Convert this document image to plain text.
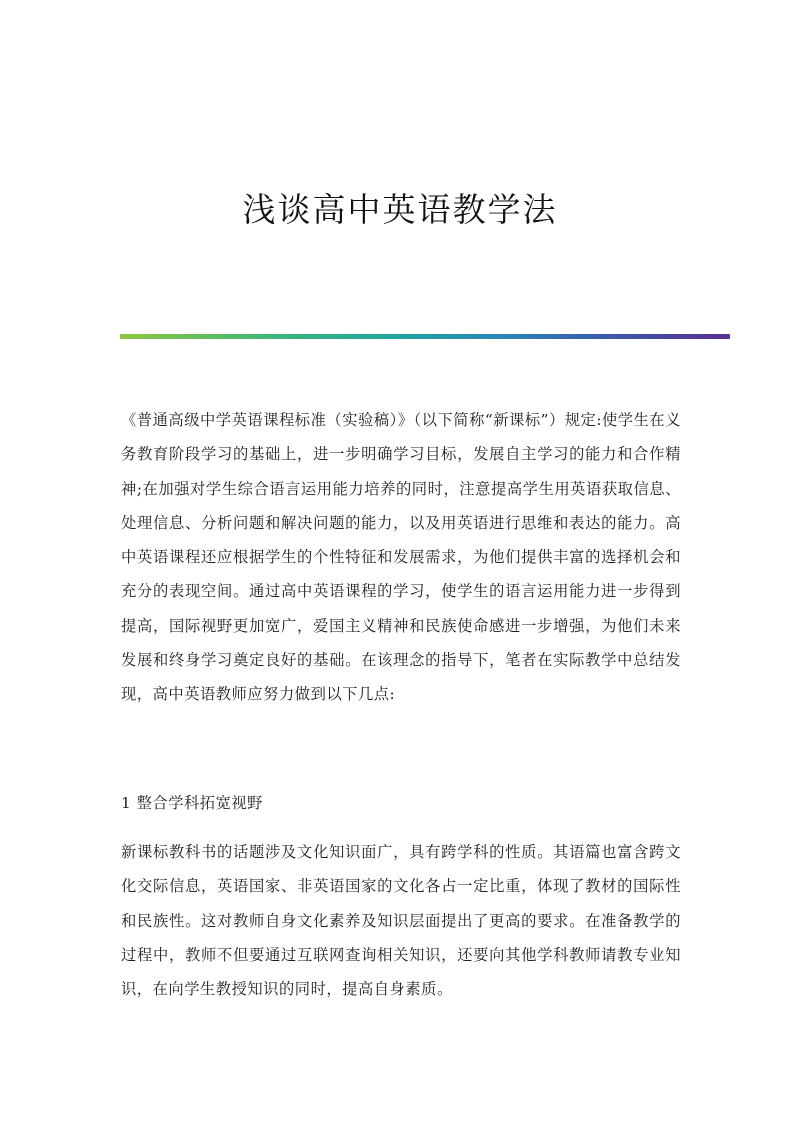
浅谈高中英语教学法

《普通高级中学英语课程标准（实验稿）》（以下简称“新课标”）规定:使学生在义务教育阶段学习的基础上，进一步明确学习目标，发展自主学习的能力和合作精神;在加强对学生综合语言运用能力培养的同时，注意提高学生用英语获取信息、处理信息、分析问题和解决问题的能力，以及用英语进行思维和表达的能力。高中英语课程还应根据学生的个性特征和发展需求，为他们提供丰富的选择机会和充分的表现空间。通过高中英语课程的学习，使学生的语言运用能力进一步得到提高，国际视野更加宽广，爱国主义精神和民族使命感进一步增强，为他们未来发展和终身学习奠定良好的基础。在该理念的指导下，笔者在实际教学中总结发现，高中英语教师应努力做到以下几点:

1 整合学科拓宽视野

新课标教科书的话题涉及文化知识面广，具有跨学科的性质。其语篇也富含跨文化交际信息，英语国家、非英语国家的文化各占一定比重，体现了教材的国际性和民族性。这对教师自身文化素养及知识层面提出了更高的要求。在准备教学的过程中，教师不但要通过互联网查询相关知识，还要向其他学科教师请教专业知识，在向学生教授知识的同时，提高自身素质。
